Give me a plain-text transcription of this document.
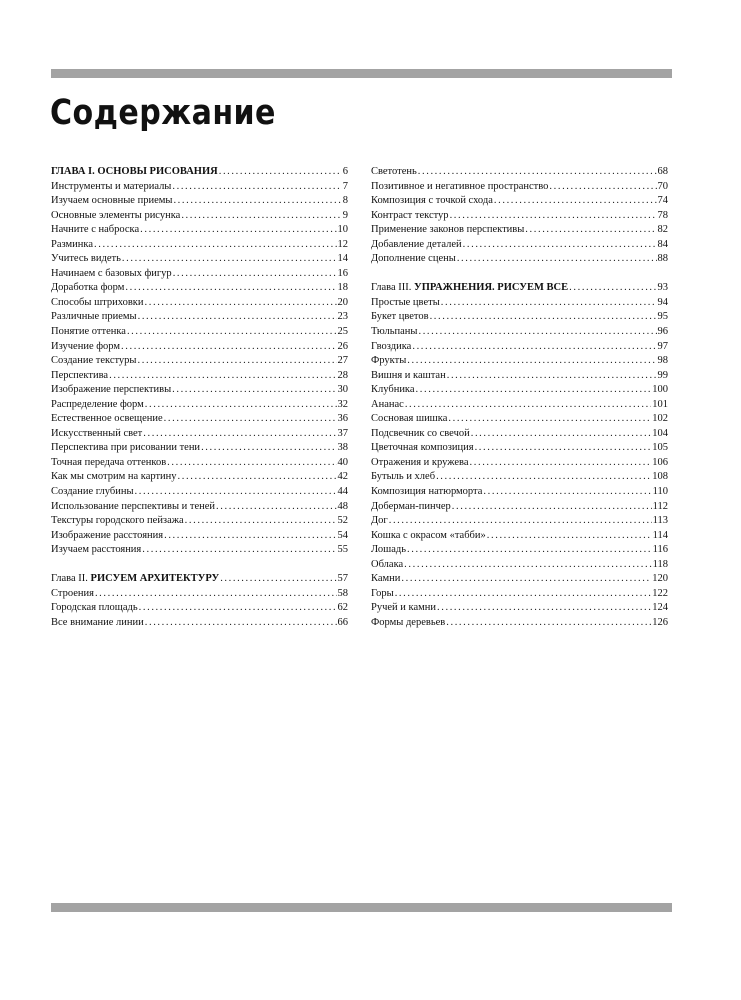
Содержание
ГЛАВА I. ОСНОВЫ РИСОВАНИЯ .....	6
Инструменты и материалы .....	7
Изучаем основные приемы .....	8
Основные элементы рисунка .....	9
Начните с наброска .....	10
Разминка .....	12
Учитесь видеть .....	14
Начинаем с базовых фигур .....	16
Доработка форм .....	18
Способы штриховки .....	20
Различные приемы .....	23
Понятие оттенка .....	25
Изучение форм .....	26
Создание текстуры .....	27
Перспектива .....	28
Изображение перспективы .....	30
Распределение форм .....	32
Естественное освещение .....	36
Искусственный свет .....	37
Перспектива при рисовании тени .....	38
Точная передача оттенков .....	40
Как мы смотрим на картину .....	42
Создание глубины .....	44
Использование перспективы и теней .....	48
Текстуры городского пейзажа .....	52
Изображение расстояния .....	54
Изучаем расстояния .....	55
Глава II. РИСУЕМ АРХИТЕКТУРУ .....	57
Строения .....	58
Городская площадь .....	62
Все внимание линии .....	66
Светотень .....	68
Позитивное и негативное пространство .....	70
Композиция с точкой схода .....	74
Контраст текстур .....	78
Применение законов перспективы .....	82
Добавление деталей .....	84
Дополнение сцены .....	88
Глава III. УПРАЖНЕНИЯ. РИСУЕМ ВСЕ .....	93
Простые цветы .....	94
Букет цветов .....	95
Тюльпаны .....	96
Гвоздика .....	97
Фрукты .....	98
Вишня и каштан .....	99
Клубника .....	100
Ананас .....	101
Сосновая шишка .....	102
Подсвечник со свечой .....	104
Цветочная композиция .....	105
Отражения и кружева .....	106
Бутыль и хлеб .....	108
Композиция натюрморта .....	110
Доберман-пинчер .....	112
Дог .....	113
Кошка с окрасом «табби» .....	114
Лошадь .....	116
Облака .....	118
Камни .....	120
Горы .....	122
Ручей и камни .....	124
Формы деревьев .....	126
